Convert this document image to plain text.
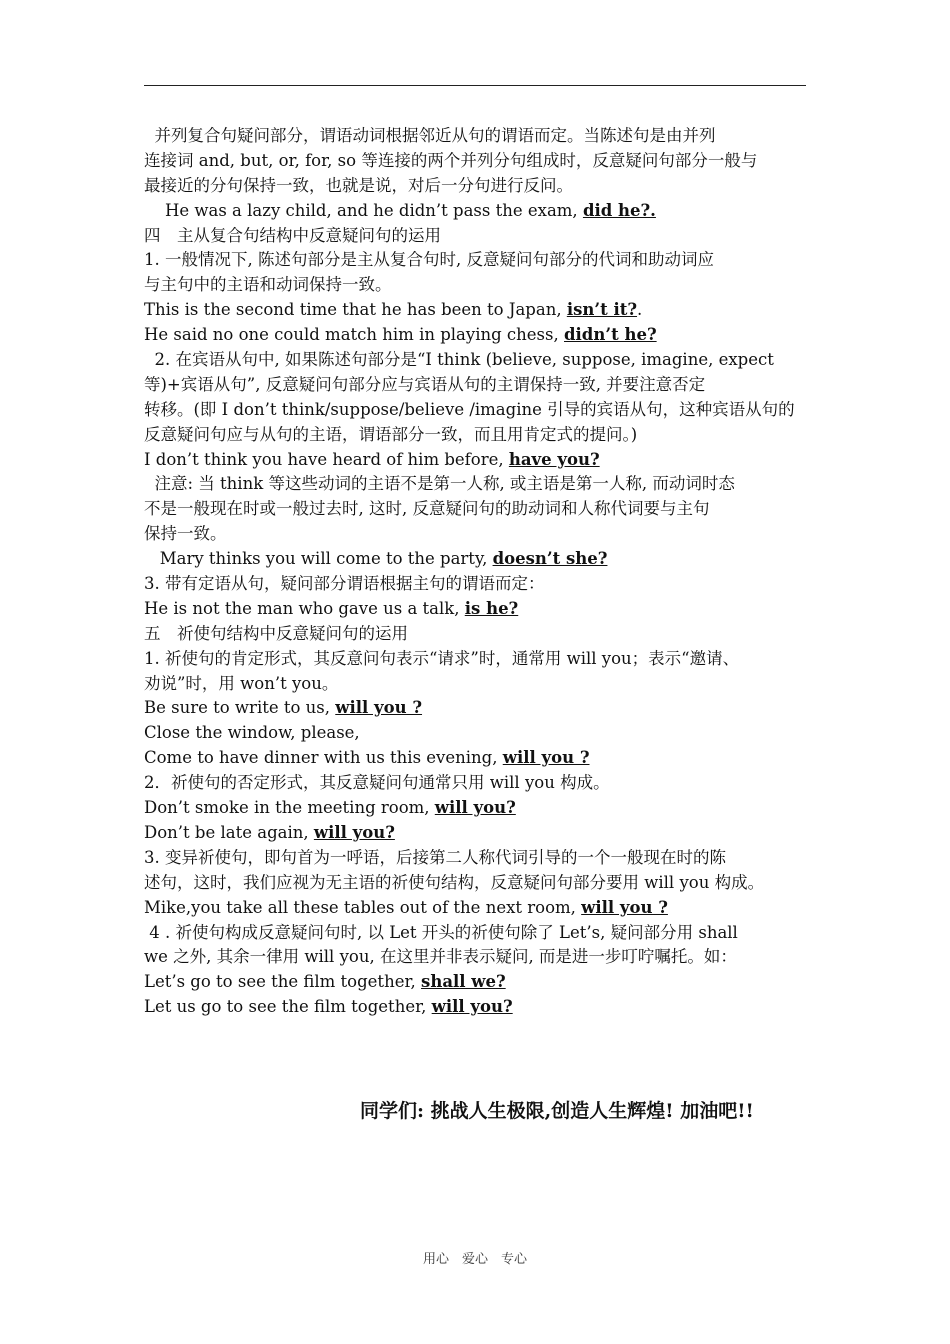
并列复合句疑问部分，谓语动词根据邻近从句的谓语而定。当陈述句是由并列
连接词 and, but, or, for, so 等连接的两个并列分句组成时，反意疑问句部分一般与
最接近的分句保持一致，也就是说，对后一分句进行反问。
He was a lazy child, and he didn’t pass the exam, did he?.
四　主从复合句结构中反意疑问句的运用
1. 一般情况下, 陈述句部分是主从复合句时, 反意疑问句部分的代词和助动词应
与主句中的主语和动词保持一致。
This is the second time that he has been to Japan, isn’t it?.
He said no one could match him in playing chess, didn’t he?
2. 在宾语从句中, 如果陈述句部分是“I think (believe, suppose, imagine, expect
等)+宾语从句”, 反意疑问句部分应与宾语从句的主谓保持一致, 并要注意否定
转移。(即 I don’t think/suppose/believe /imagine 引导的宾语从句，这种宾语从句的
反意疑问句应与从句的主语，谓语部分一致，而且用肯定式的提问。)
I don’t think you have heard of him before, have you?
注意: 当 think 等这些动词的主语不是第一人称, 或主语是第一人称, 而动词时态
不是一般现在时或一般过去时, 这时, 反意疑问句的助动词和人称代词要与主句
保持一致。
Mary thinks you will come to the party, doesn’t she?
3. 带有定语从句，疑问部分谓语根据主句的谓语而定：
He is not the man who gave us a talk, is he?
五　祈使句结构中反意疑问句的运用
1. 祈使句的肯定形式，其反意问句表示“请求”时，通常用 will you；表示“邀请、
劝说”时，用 won’t you。
Be sure to write to us, will you ?
Close the window, please,
Come to have dinner with us this evening, will you ?
2．祈使句的否定形式，其反意疑问句通常只用 will you 构成。
Don’t smoke in the meeting room, will you?
Don’t be late again, will you?
3. 变异祈使句，即句首为一呼语，后接第二人称代词引导的一个一般现在时的陈
述句，这时，我们应视为无主语的祈使句结构，反意疑问句部分要用 will you 构成。
Mike,you take all these tables out of the next room, will you ?
4 . 祈使句构成反意疑问句时, 以 Let 开头的祈使句除了 Let’s, 疑问部分用 shall
we 之外, 其余一律用 will you, 在这里并非表示疑问, 而是进一步叮咛嘱托。如：
Let’s go to see the film together, shall we?
Let us go to see the film together, will you?
同学们: 挑战人生极限,创造人生辉煌! 加油吧!!
用心　爱心　专心
